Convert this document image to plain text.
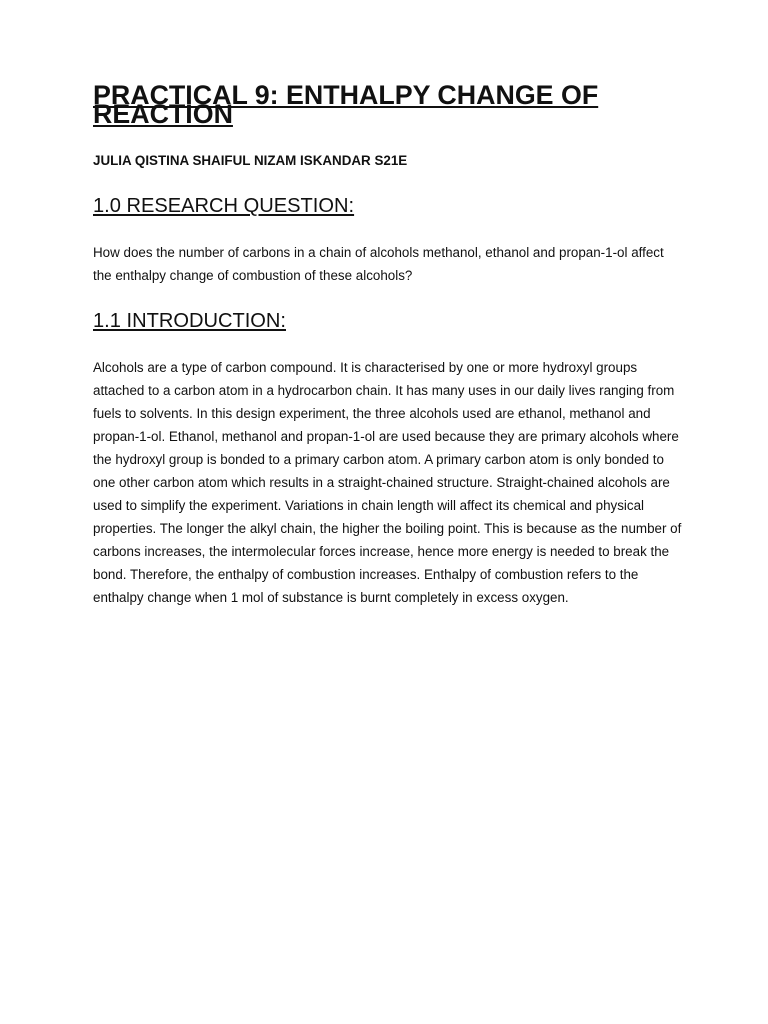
PRACTICAL 9: ENTHALPY CHANGE OF REACTION

JULIA QISTINA SHAIFUL NIZAM ISKANDAR S21E

1.0 RESEARCH QUESTION:

How does the number of carbons in a chain of alcohols methanol, ethanol and propan-1-ol affect the enthalpy change of combustion of these alcohols?

1.1 INTRODUCTION:

Alcohols are a type of carbon compound. It is characterised by one or more hydroxyl groups attached to a carbon atom in a hydrocarbon chain. It has many uses in our daily lives ranging from fuels to solvents. In this design experiment, the three alcohols used are ethanol, methanol and propan-1-ol. Ethanol, methanol and propan-1-ol are used because they are primary alcohols where the hydroxyl group is bonded to a primary carbon atom. A primary carbon atom is only bonded to one other carbon atom which results in a straight-chained structure. Straight-chained alcohols are used to simplify the experiment. Variations in chain length will affect its chemical and physical properties. The longer the alkyl chain, the higher the boiling point. This is because as the number of carbons increases, the intermolecular forces increase, hence more energy is needed to break the bond. Therefore, the enthalpy of combustion increases. Enthalpy of combustion refers to the enthalpy change when 1 mol of substance is burnt completely in excess oxygen.
